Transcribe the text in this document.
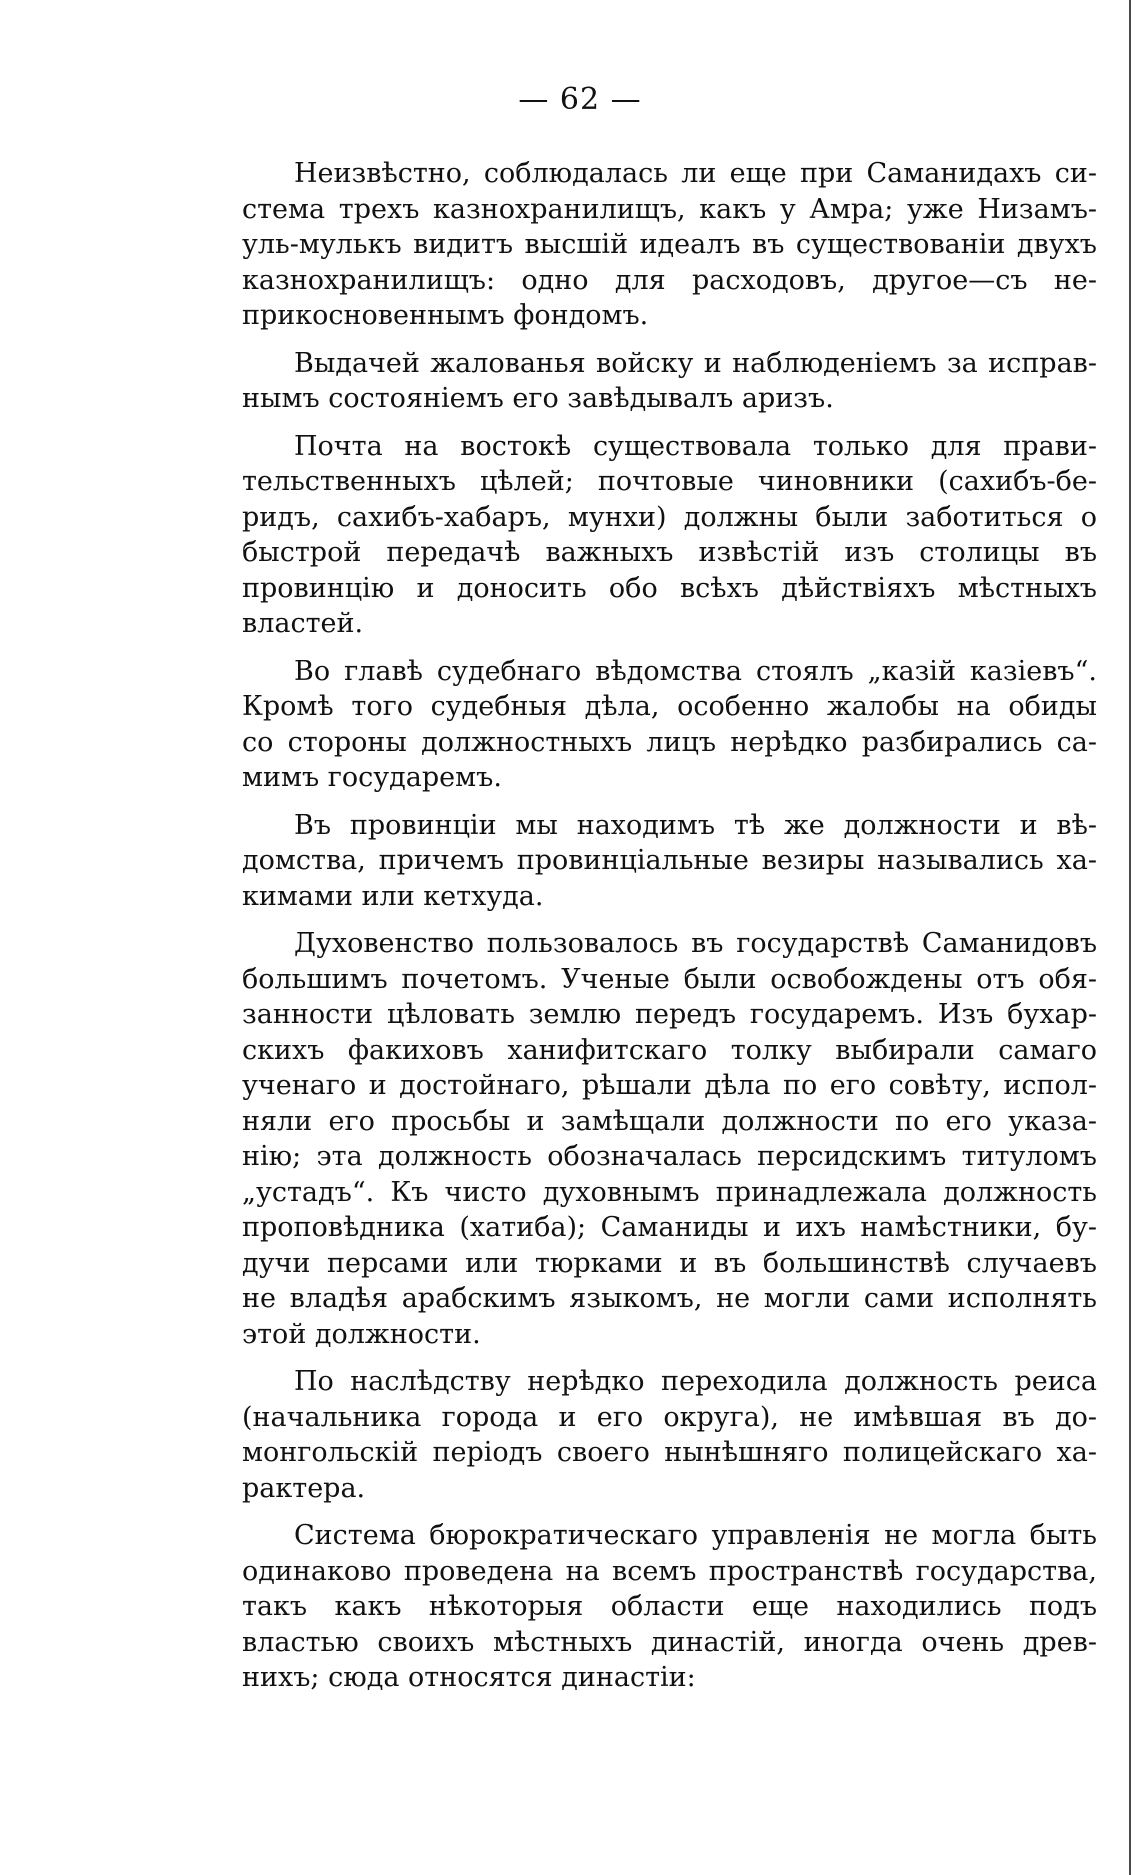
— 62 —
Неизвѣстно, соблюдалась ли еще при Саманидахъ си-
стема трехъ казнохранилищъ, какъ у Амра; уже Низамъ-
уль-мулькъ видитъ высшій идеалъ въ существованіи двухъ
казнохранилищъ: одно для расходовъ, другое—съ не-
прикосновеннымъ фондомъ.
Выдачей жалованья войску и наблюденіемъ за исправ-
нымъ состояніемъ его завѣдывалъ аризъ.
Почта на востокѣ существовала только для прави-
тельственныхъ цѣлей; почтовые чиновники (сахибъ-бе-
ридъ, сахибъ-хабаръ, мунхи) должны были заботиться о
быстрой передачѣ важныхъ извѣстій изъ столицы въ
провинцію и доносить обо всѣхъ дѣйствіяхъ мѣстныхъ
властей.
Во главѣ судебнаго вѣдомства стоялъ „казій казіевъ“.
Кромѣ того судебныя дѣла, особенно жалобы на обиды
со стороны должностныхъ лицъ нерѣдко разбирались са-
мимъ государемъ.
Въ провинціи мы находимъ тѣ же должности и вѣ-
домства, причемъ провинціальные везиры назывались ха-
кимами или кетхуда.
Духовенство пользовалось въ государствѣ Саманидовъ
большимъ почетомъ. Ученые были освобождены отъ обя-
занности цѣловать землю передъ государемъ. Изъ бухар-
скихъ факиховъ ханифитскаго толку выбирали самаго
ученаго и достойнаго, рѣшали дѣла по его совѣту, испол-
няли его просьбы и замѣщали должности по его указа-
нію; эта должность обозначалась персидскимъ титуломъ
„устадъ“. Къ чисто духовнымъ принадлежала должность
проповѣдника (хатиба); Саманиды и ихъ намѣстники, бу-
дучи персами или тюрками и въ большинствѣ случаевъ
не владѣя арабскимъ языкомъ, не могли сами исполнять
этой должности.
По наслѣдству нерѣдко переходила должность реиса
(начальника города и его округа), не имѣвшая въ до-
монгольскій періодъ своего нынѣшняго полицейскаго ха-
рактера.
Система бюрократическаго управленія не могла быть
одинаково проведена на всемъ пространствѣ государства,
такъ какъ нѣкоторыя области еще находились подъ
властью своихъ мѣстныхъ династій, иногда очень древ-
нихъ; сюда относятся династіи:
